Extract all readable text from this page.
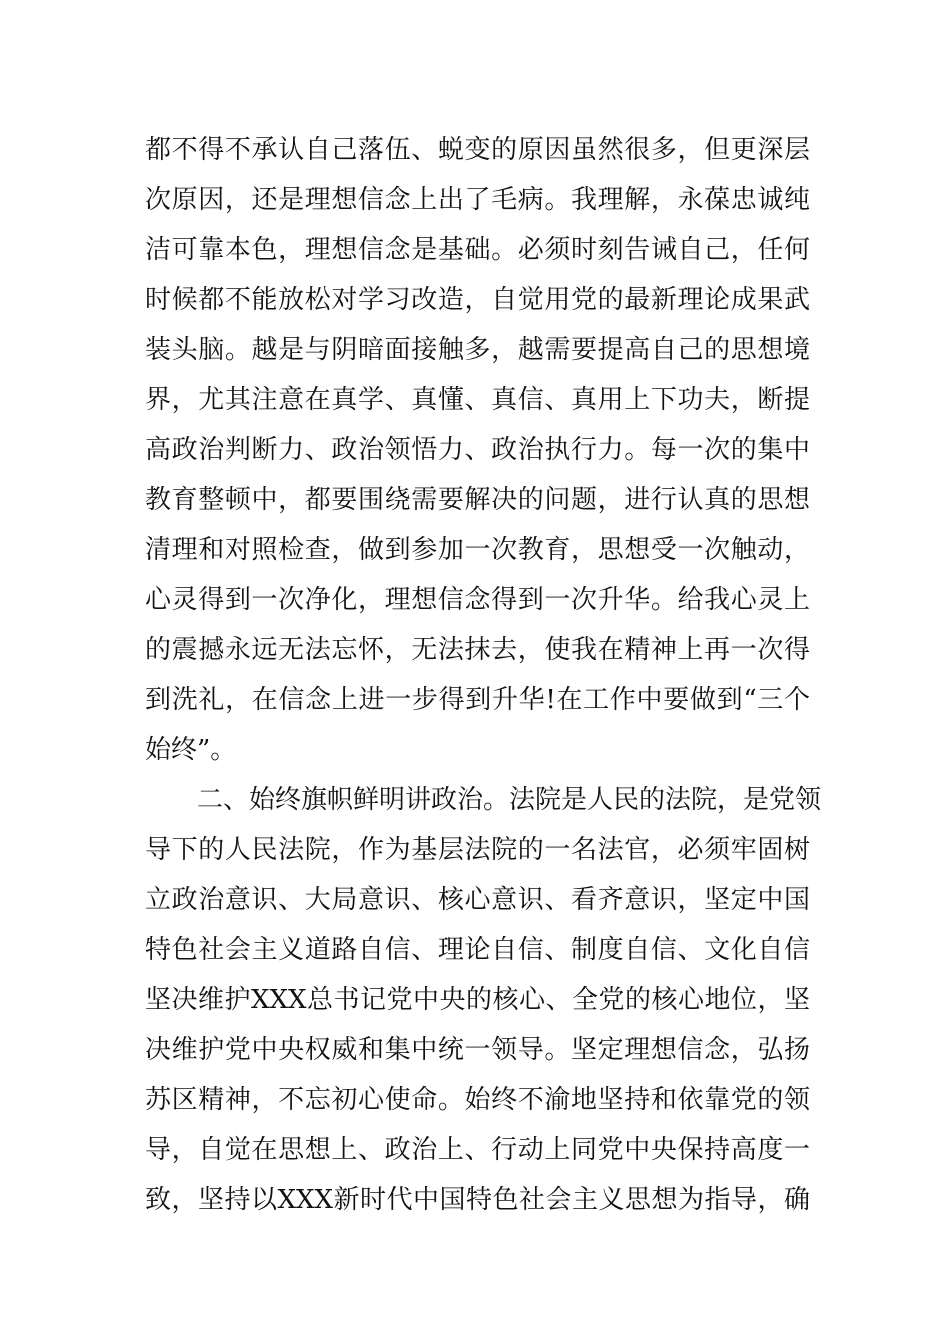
都不得不承认自己落伍、蜕变的原因虽然很多，但更深层
次原因，还是理想信念上出了毛病。我理解，永葆忠诚纯
洁可靠本色，理想信念是基础。必须时刻告诫自己，任何
时候都不能放松对学习改造，自觉用党的最新理论成果武
装头脑。越是与阴暗面接触多，越需要提高自己的思想境
界，尤其注意在真学、真懂、真信、真用上下功夫，断提
高政治判断力、政治领悟力、政治执行力。每一次的集中
教育整顿中，都要围绕需要解决的问题，进行认真的思想
清理和对照检查，做到参加一次教育，思想受一次触动，
心灵得到一次净化，理想信念得到一次升华。给我心灵上
的震撼永远无法忘怀，无法抹去，使我在精神上再一次得
到洗礼，在信念上进一步得到升华!在工作中要做到“三个
始终”。
二、始终旗帜鲜明讲政治。法院是人民的法院，是党领
导下的人民法院，作为基层法院的一名法官，必须牢固树
立政治意识、大局意识、核心意识、看齐意识，坚定中国
特色社会主义道路自信、理论自信、制度自信、文化自信
坚决维护XXX总书记党中央的核心、全党的核心地位，坚
决维护党中央权威和集中统一领导。坚定理想信念，弘扬
苏区精神，不忘初心使命。始终不渝地坚持和依靠党的领
导，自觉在思想上、政治上、行动上同党中央保持高度一
致，坚持以XXX新时代中国特色社会主义思想为指导，确
